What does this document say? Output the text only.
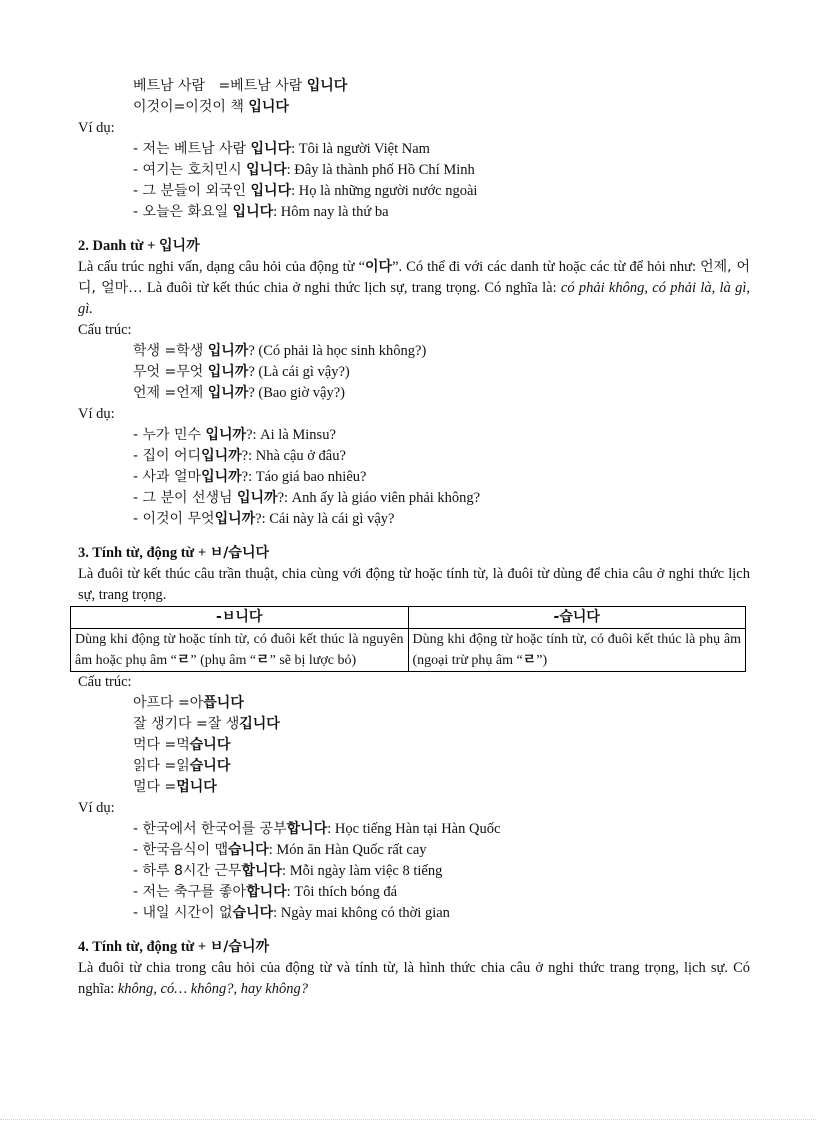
베트남 사람 =베트남 사람 입니다
이것이=이것이 책 입니다
Ví dụ:
- 저는 베트남 사람 입니다: Tôi là người Việt Nam
- 여기는 호치민시 입니다: Đây là thành phố Hồ Chí Minh
- 그 분들이 외국인 입니다: Họ là những người nước ngoài
- 오늘은 화요일 입니다: Hôm nay là thứ ba
2. Danh từ + 입니까
Là cấu trúc nghi vấn, dạng câu hỏi của động từ “이다”. Có thể đi với các danh từ hoặc các từ để hỏi như: 언제, 어디, 얼마… Là đuôi từ kết thúc chia ở nghi thức lịch sự, trang trọng. Có nghĩa là: có phải không, có phải là, là gì, gì.
Cấu trúc:
학생 =학생 입니까? (Có phải là học sinh không?)
무엇 =무엇 입니까? (Là cái gì vậy?)
언제 =언제 입니까? (Bao giờ vậy?)
Ví dụ:
- 누가 민수 입니까?: Ai là Minsu?
- 집이 어디입니까?: Nhà cậu ở đâu?
- 사과 얼마입니까?: Táo giá bao nhiêu?
- 그 분이 선생님 입니까?: Anh ấy là giáo viên phải không?
- 이것이 무엇입니까?: Cái này là cái gì vậy?
3. Tính từ, động từ + ㅂ/습니다
Là đuôi từ kết thúc câu trần thuật, chia cùng với động từ hoặc tính từ, là đuôi từ dùng để chia câu ở nghi thức lịch sự, trang trọng.
-ㅂ니다	-습니다
Dùng khi động từ hoặc tính từ, có đuôi kết thúc là nguyên âm hoặc phụ âm “ㄹ” (phụ âm “ㄹ” sẽ bị lược bỏ)	Dùng khi động từ hoặc tính từ, có đuôi kết thúc là phụ âm (ngoại trừ phụ âm “ㄹ”)
Cấu trúc:
아프다 =아픕니다
잘 생기다 =잘 생깁니다
먹다 =먹습니다
읽다 =읽습니다
멀다 =멉니다
Ví dụ:
- 한국에서 한국어를 공부합니다: Học tiếng Hàn tại Hàn Quốc
- 한국음식이 맵습니다: Món ăn Hàn Quốc rất cay
- 하루 8시간 근무합니다: Mỗi ngày làm việc 8 tiếng
- 저는 축구를 좋아합니다: Tôi thích bóng đá
- 내일 시간이 없습니다: Ngày mai không có thời gian
4. Tính từ, động từ + ㅂ/습니까
Là đuôi từ chia trong câu hỏi của động từ và tính từ, là hình thức chia câu ở nghi thức trang trọng, lịch sự. Có nghĩa: không, có… không?, hay không?
